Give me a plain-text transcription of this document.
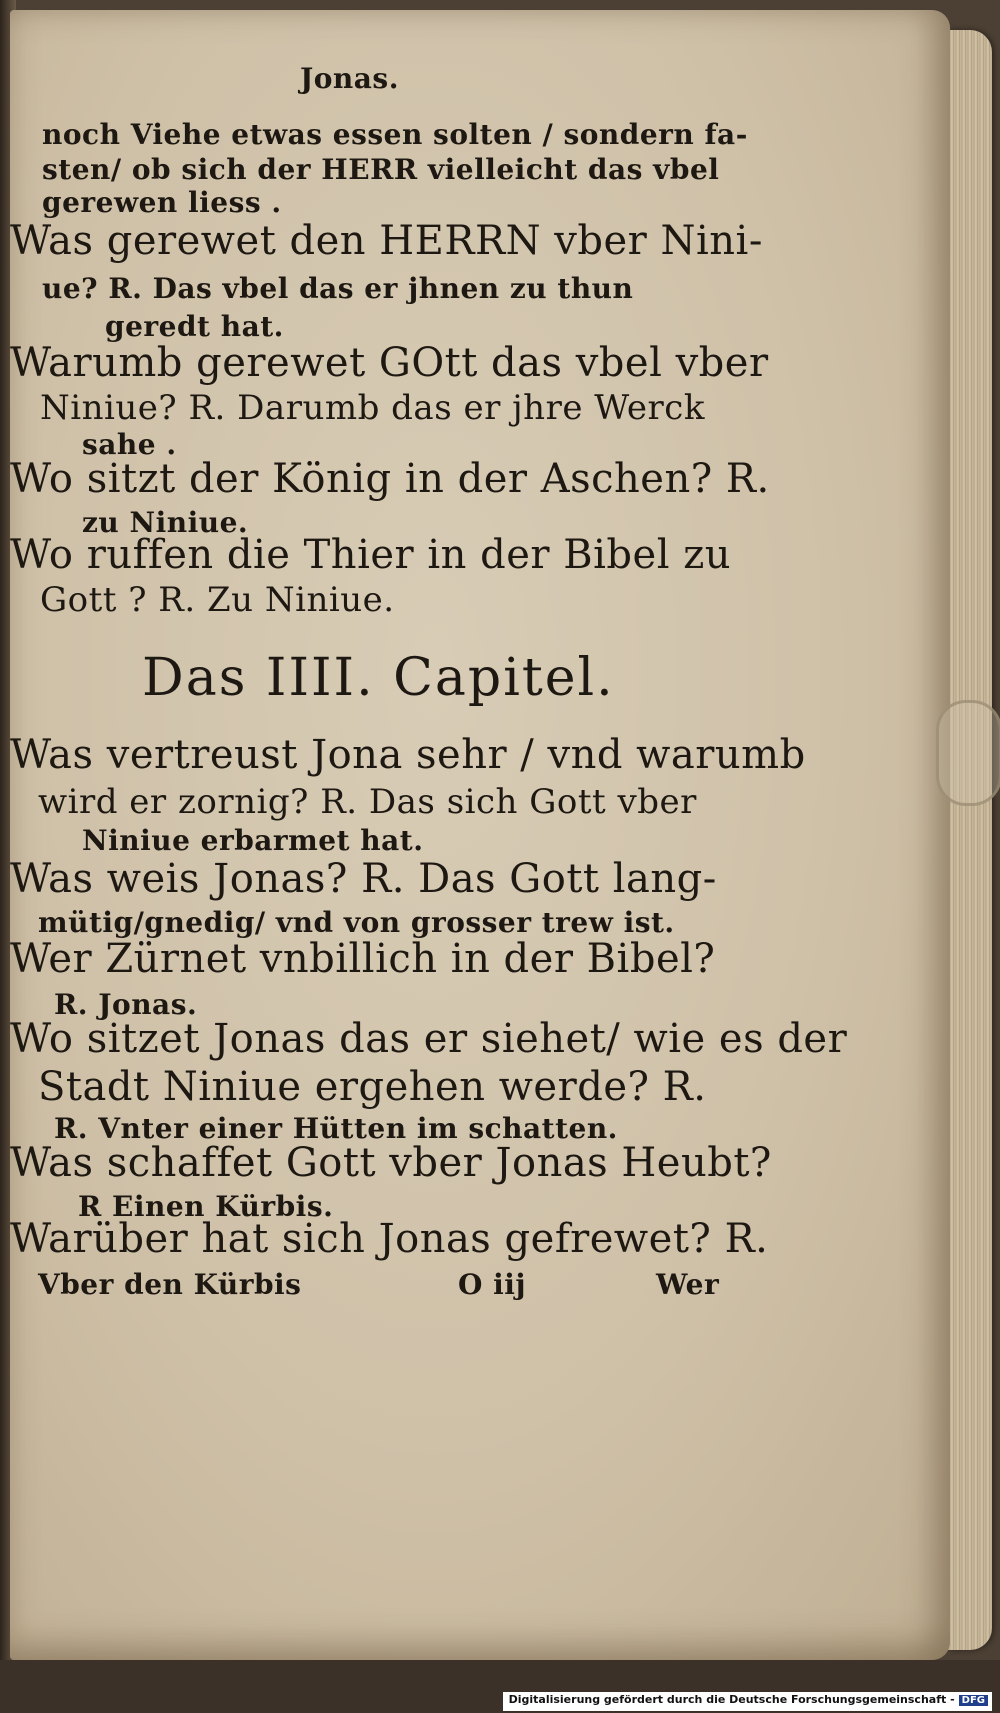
Jonas.
noch Viehe etwas essen solten / sondern fa-
sten/ ob sich der HERR vielleicht das vbel
gerewen liess .
Was gerewet den HERRN vber Nini-
ue? R. Das vbel das er jhnen zu thun
geredt hat.
Warumb gerewet GOtt das vbel vber
Niniue? R. Darumb das er jhre Werck
sahe .
Wo sitzt der König in der Aschen? R.
zu Niniue.
Wo ruffen die Thier in der Bibel zu
Gott ? R. Zu Niniue.
Das IIII. Capitel.
Was vertreust Jona sehr / vnd warumb
wird er zornig? R. Das sich Gott vber
Niniue erbarmet hat.
Was weis Jonas? R. Das Gott lang-
mütig/gnedig/ vnd von grosser trew ist.
Wer Zürnet vnbillich in der Bibel?
R. Jonas.
Wo sitzet Jonas das er siehet/ wie es der
Stadt Niniue ergehen werde? R.
R. Vnter einer Hütten im schatten.
Was schaffet Gott vber Jonas Heubt?
R Einen Kürbis.
Warüber hat sich Jonas gefrewet? R.
Vber den Kürbis	O iij	Wer
Digitalisierung gefördert durch die Deutsche Forschungsgemeinschaft - DFG
